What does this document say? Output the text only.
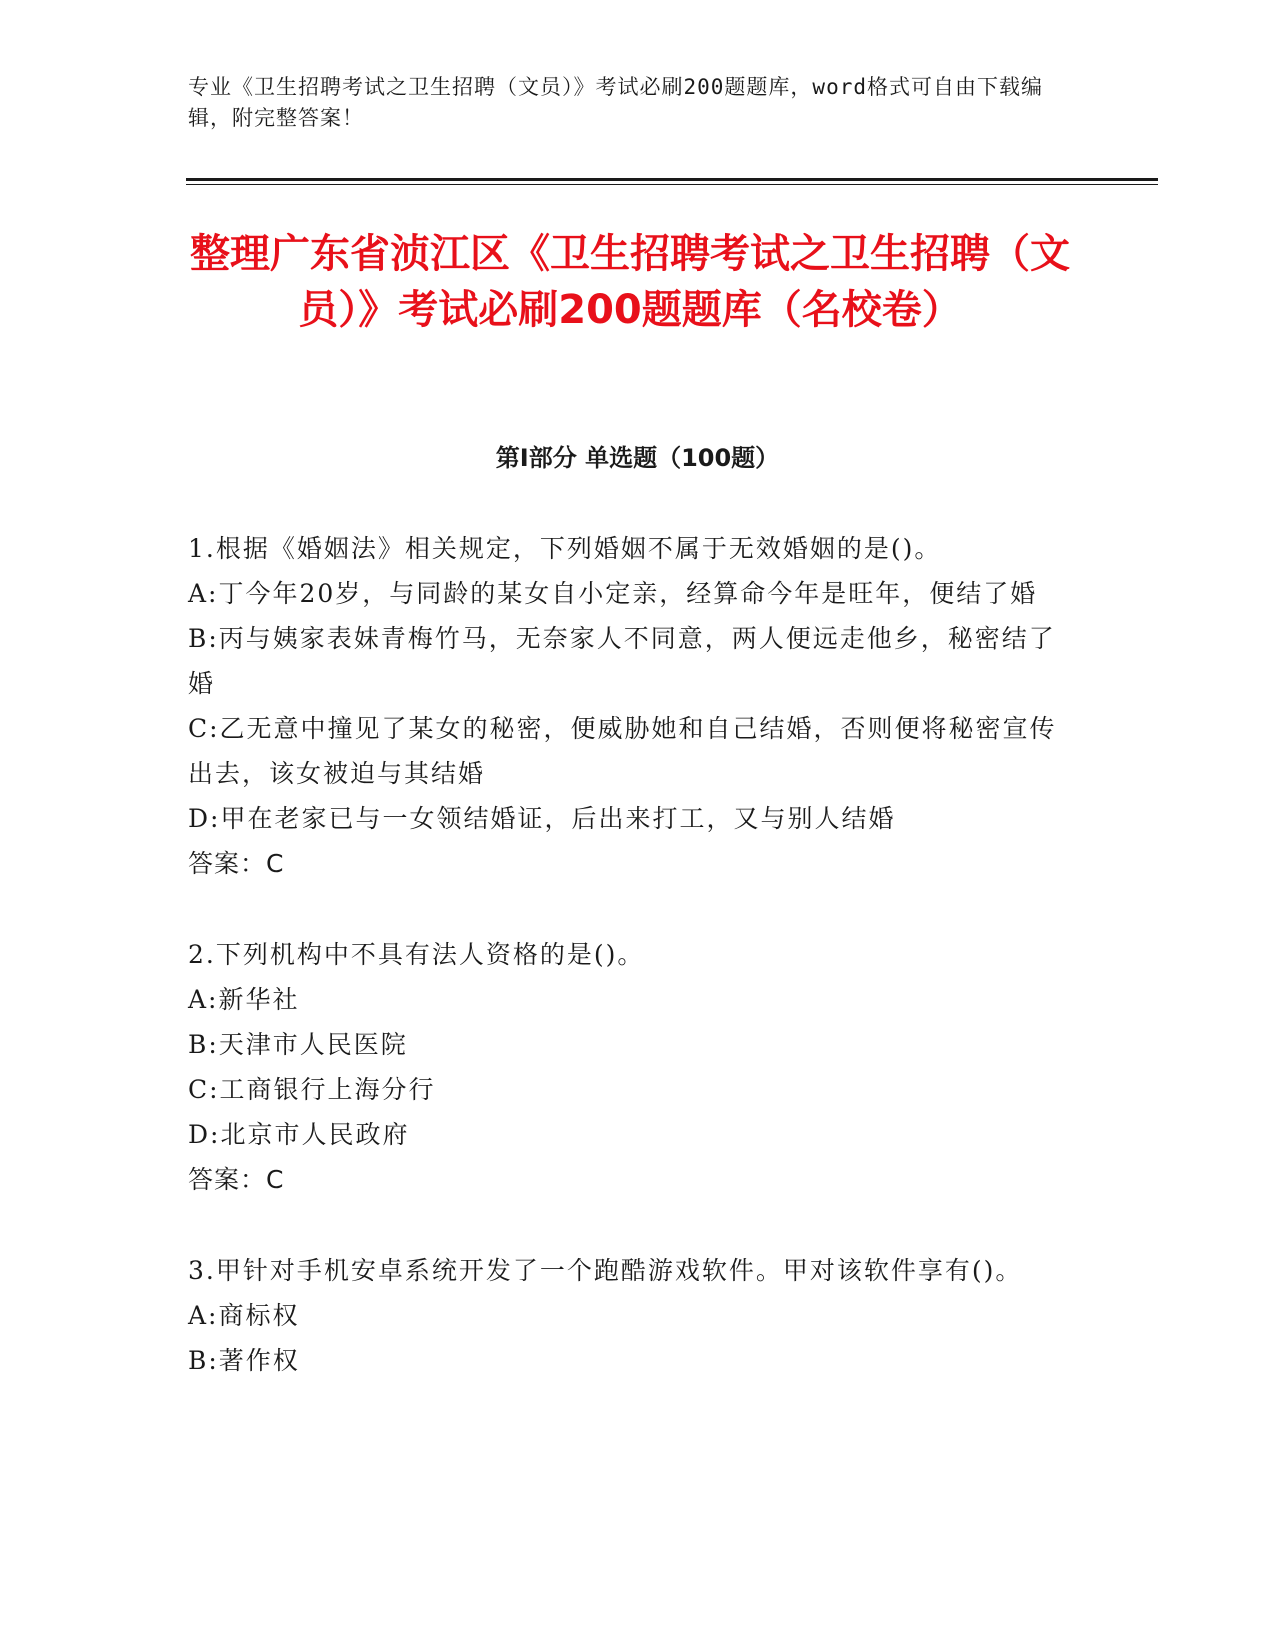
专业《卫生招聘考试之卫生招聘（文员）》考试必刷200题题库，word格式可自由下载编辑，附完整答案！
整理广东省浈江区《卫生招聘考试之卫生招聘（文员）》考试必刷200题题库（名校卷）
第I部分 单选题（100题）
1.根据《婚姻法》相关规定，下列婚姻不属于无效婚姻的是()。
A:丁今年20岁，与同龄的某女自小定亲，经算命今年是旺年，便结了婚
B:丙与姨家表妹青梅竹马，无奈家人不同意，两人便远走他乡，秘密结了婚
C:乙无意中撞见了某女的秘密，便威胁她和自己结婚，否则便将秘密宣传出去，该女被迫与其结婚
D:甲在老家已与一女领结婚证，后出来打工，又与别人结婚
答案：C
2.下列机构中不具有法人资格的是()。
A:新华社
B:天津市人民医院
C:工商银行上海分行
D:北京市人民政府
答案：C
3.甲针对手机安卓系统开发了一个跑酷游戏软件。甲对该软件享有()。
A:商标权
B:著作权
